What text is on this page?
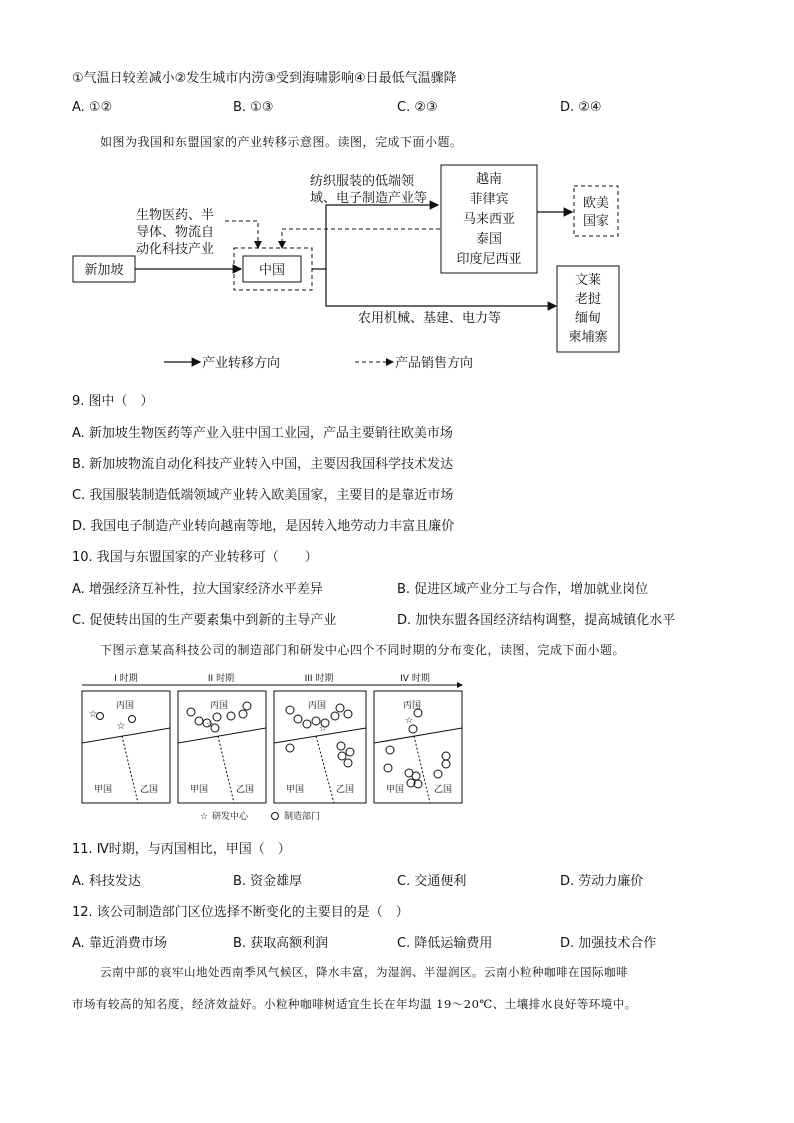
①气温日较差减小②发生城市内涝③受到海啸影响④日最低气温骤降
A. ①②	B. ①③	C. ②③	D. ②④
如图为我国和东盟国家的产业转移示意图。读图，完成下面小题。
新加坡	中国
生物医药、半
导体、物流自
动化科技产业
纺织服装的低端领
域、电子制造产业等
越南
菲律宾
马来西亚
泰国
印度尼西亚
欧美
国家
农用机械、基建、电力等
文莱
老挝
缅甸
柬埔寨
产业转移方向	产品销售方向
9. 图中（　）
A. 新加坡生物医药等产业入驻中国工业园，产品主要销往欧美市场
B. 新加坡物流自动化科技产业转入中国，主要因我国科学技术发达
C. 我国服装制造低端领域产业转入欧美国家，主要目的是靠近市场
D. 我国电子制造产业转向越南等地，是因转入地劳动力丰富且廉价
10. 我国与东盟国家的产业转移可（　　）
A. 增强经济互补性，拉大国家经济水平差异	B. 促进区域产业分工与合作，增加就业岗位
C. 促使转出国的生产要素集中到新的主导产业	D. 加快东盟各国经济结构调整，提高城镇化水平
下图示意某高科技公司的制造部门和研发中心四个不同时期的分布变化，读图，完成下面小题。
I 时期	II 时期	III 时期	IV 时期
丙国
甲国	乙国
☆
☆
丙国
甲国	乙国
☆
丙国
甲国	乙国
☆
丙国
甲国	乙国
☆
☆ 研发中心	制造部门
11. Ⅳ时期，与丙国相比，甲国（　）
A. 科技发达	B. 资金雄厚	C. 交通便利	D. 劳动力廉价
12. 该公司制造部门区位选择不断变化的主要目的是（　）
A. 靠近消费市场	B. 获取高额利润	C. 降低运输费用	D. 加强技术合作
云南中部的哀牢山地处西南季风气候区，降水丰富，为湿润、半湿润区。云南小粒种咖啡在国际咖啡
市场有较高的知名度，经济效益好。小粒种咖啡树适宜生长在年均温 19～20℃、土壤排水良好等环境中。
